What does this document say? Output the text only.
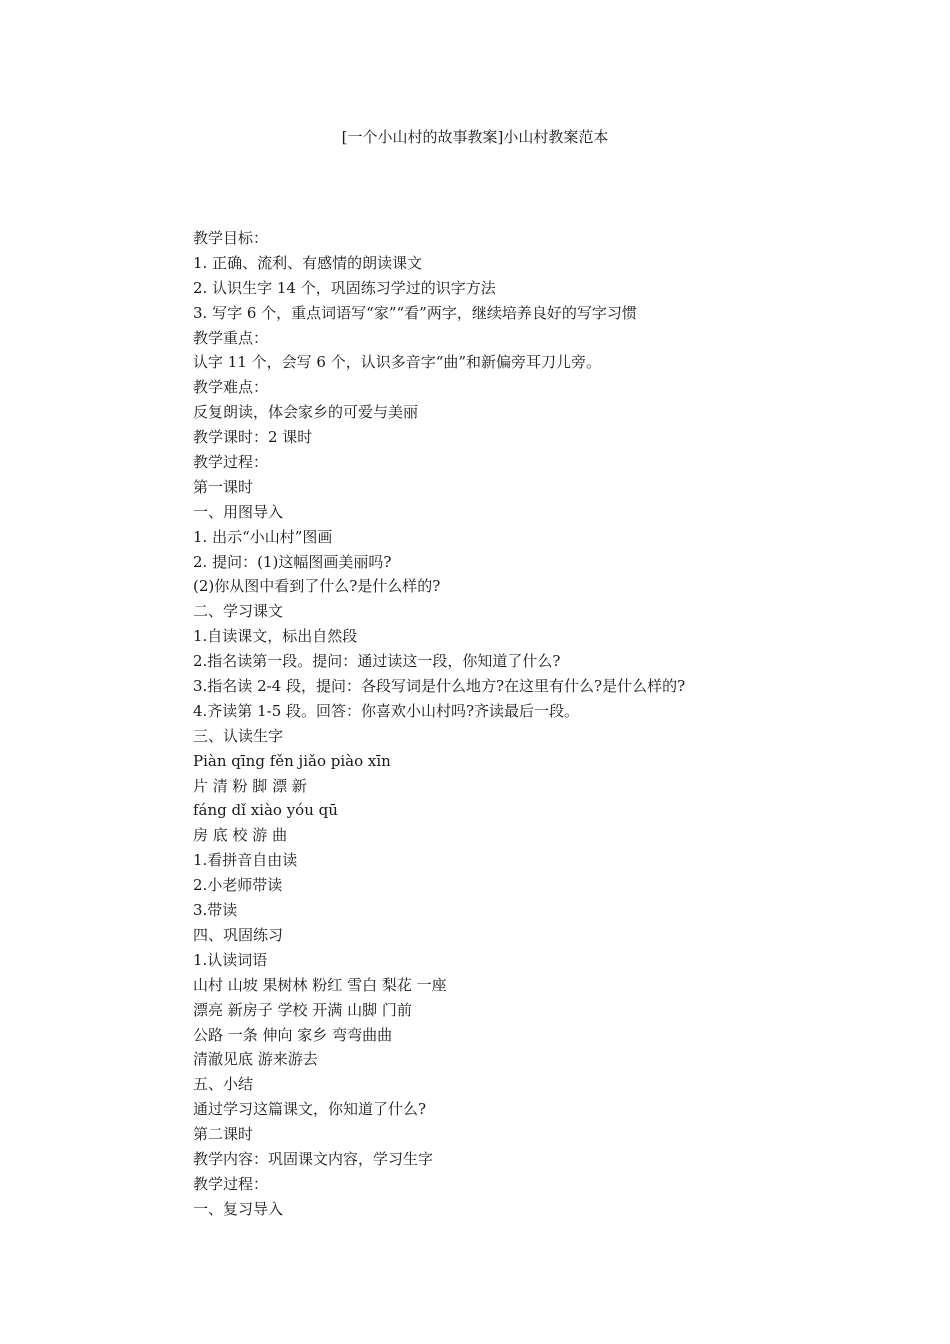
[一个小山村的故事教案]小山村教案范本
教学目标：
1. 正确、流利、有感情的朗读课文
2. 认识生字 14 个，巩固练习学过的识字方法
3. 写字 6 个，重点词语写“家”“看”两字，继续培养良好的写字习惯
教学重点：
认字 11 个，会写 6 个，认识多音字“曲”和新偏旁耳刀儿旁。
教学难点：
反复朗读，体会家乡的可爱与美丽
教学课时：2 课时
教学过程：
第一课时
一、用图导入
1. 出示“小山村”图画
2. 提问：(1)这幅图画美丽吗?
(2)你从图中看到了什么?是什么样的?
二、学习课文
1.自读课文，标出自然段
2.指名读第一段。提问：通过读这一段，你知道了什么?
3.指名读 2-4 段，提问：各段写词是什么地方?在这里有什么?是什么样的?
4.齐读第 1-5 段。回答：你喜欢小山村吗?齐读最后一段。
三、认读生字
Piàn qīng fěn jiǎo piào xīn
片 清 粉 脚 漂 新
fáng dǐ xiào yóu qū
房 底 校 游 曲
1.看拼音自由读
2.小老师带读
3.带读
四、巩固练习
1.认读词语
山村 山坡 果树林 粉红 雪白 梨花 一座
漂亮 新房子 学校 开满 山脚 门前
公路 一条 伸向 家乡 弯弯曲曲
清澈见底 游来游去
五、小结
通过学习这篇课文，你知道了什么?
第二课时
教学内容：巩固课文内容，学习生字
教学过程：
一、复习导入
